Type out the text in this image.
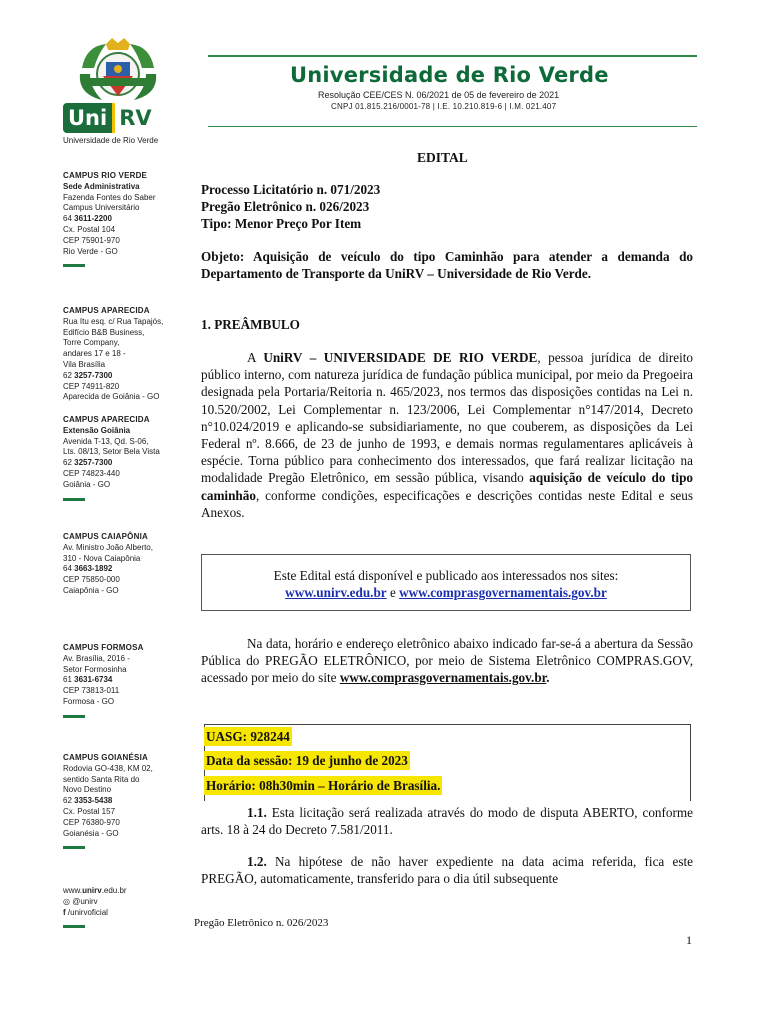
Universidade de Rio Verde
Resolução CEE/CES N. 06/2021 de 05 de fevereiro de 2021
CNPJ 01.815.216/0001-78 | I.E. 10.210.819-6 | I.M. 021.407
Uni RV
Universidade de Rio Verde
CAMPUS RIO VERDE
Sede Administrativa
Fazenda Fontes do Saber
Campus Universitário
64 3611-2200
Cx. Postal 104
CEP 75901-970
Rio Verde - GO
CAMPUS APARECIDA
Rua Itu esq. c/ Rua Tapajós,
Edifício B&B Business,
Torre Company,
andares 17 e 18 -
Vila Brasília
62 3257-7300
CEP 74911-820
Aparecida de Goiânia - GO
CAMPUS APARECIDA
Extensão Goiânia
Avenida T-13, Qd. S-06,
Lts. 08/13, Setor Bela Vista
62 3257-7300
CEP 74823-440
Goiânia - GO
CAMPUS CAIAPÔNIA
Av. Ministro João Alberto,
310 - Nova Caiapônia
64 3663-1892
CEP 75850-000
Caiapônia - GO
CAMPUS FORMOSA
Av. Brasília, 2016 -
Setor Formosinha
61 3631-6734
CEP 73813-011
Formosa - GO
CAMPUS GOIANÉSIA
Rodovia GO-438, KM 02,
sentido Santa Rita do
Novo Destino
62 3353-5438
Cx. Postal 157
CEP 76380-970
Goianésia - GO
www.unirv.edu.br
◎ @unirv
f /unirvoficial
EDITAL
Processo Licitatório n. 071/2023
Pregão Eletrônico n. 026/2023
Tipo: Menor Preço Por Item
Objeto: Aquisição de veículo do tipo Caminhão para atender a demanda do Departamento de Transporte da UniRV – Universidade de Rio Verde.
1. PREÂMBULO
A UniRV – UNIVERSIDADE DE RIO VERDE, pessoa jurídica de direito público interno, com natureza jurídica de fundação pública municipal, por meio da Pregoeira designada pela Portaria/Reitoria n. 465/2023, nos termos das disposições contidas na Lei n. 10.520/2002, Lei Complementar n. 123/2006, Lei Complementar n°147/2014, Decreto n°10.024/2019 e aplicando-se subsidiariamente, no que couberem, as disposições da Lei Federal nº. 8.666, de 23 de junho de 1993, e demais normas regulamentares aplicáveis à espécie. Torna público para conhecimento dos interessados, que fará realizar licitação na modalidade Pregão Eletrônico, em sessão pública, visando aquisição de veículo do tipo caminhão, conforme condições, especificações e descrições contidas neste Edital e seus Anexos.
Este Edital está disponível e publicado aos interessados nos sites:
www.unirv.edu.br e www.comprasgovernamentais.gov.br
Na data, horário e endereço eletrônico abaixo indicado far-se-á a abertura da Sessão Pública do PREGÃO ELETRÔNICO, por meio de Sistema Eletrônico COMPRAS.GOV, acessado por meio do site www.comprasgovernamentais.gov.br.
UASG: 928244
Data da sessão: 19 de junho de 2023
Horário: 08h30min – Horário de Brasília.
1.1. Esta licitação será realizada através do modo de disputa ABERTO, conforme arts. 18 à 24 do Decreto 7.581/2011.
1.2. Na hipótese de não haver expediente na data acima referida, fica este PREGÃO, automaticamente, transferido para o dia útil subsequente
Pregão Eletrônico n. 026/2023
1
